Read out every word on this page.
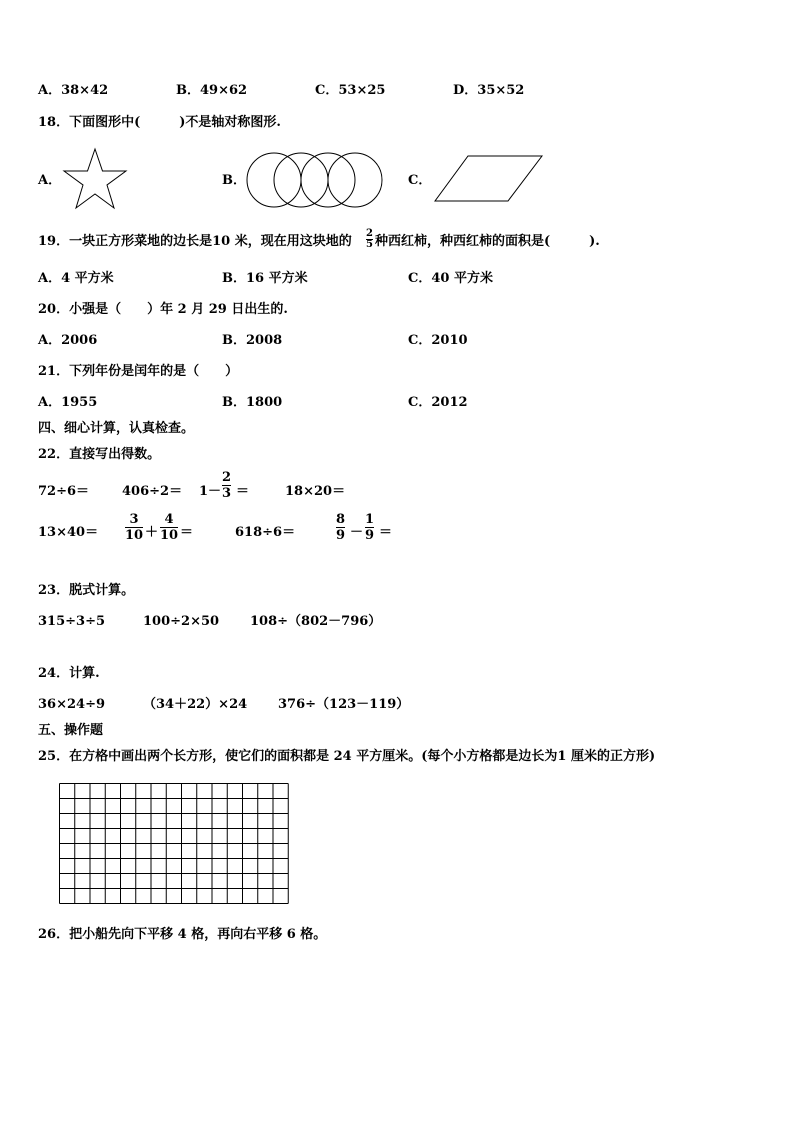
A．38×42	B．49×62	C．53×25	D．35×52
18．下面图形中(　　　)不是轴对称图形.
A．	B．	C．
19．一块正方形菜地的边长是10 米，现在用这块地的
2
5 种西红柿，种西红柿的面积是(　　　).
A．4 平方米	B．16 平方米	C．40 平方米
20．小强是（　　）年 2 月 29 日出生的.
A．2006	B．2008	C．2010
21．下列年份是闰年的是（　　）
A．1955	B．1800	C．2012
四、细心计算，认真检查。
22．直接写出得数。
72÷6＝	406÷2＝ 1－
2
3 ＝	18×20＝
13×40＝
3
10 ＋
4
10 ＝	618÷6＝
8
9 －
1
9 ＝
23．脱式计算。
315÷3÷5	100÷2×50 108÷（802－796）
24．计算.
36×24÷9	（34＋22）×24 376÷（123－119）
五、操作题
25．在方格中画出两个长方形，使它们的面积都是 24 平方厘米。(每个小方格都是边长为1 厘米的正方形)
26．把小船先向下平移 4 格，再向右平移 6 格。
